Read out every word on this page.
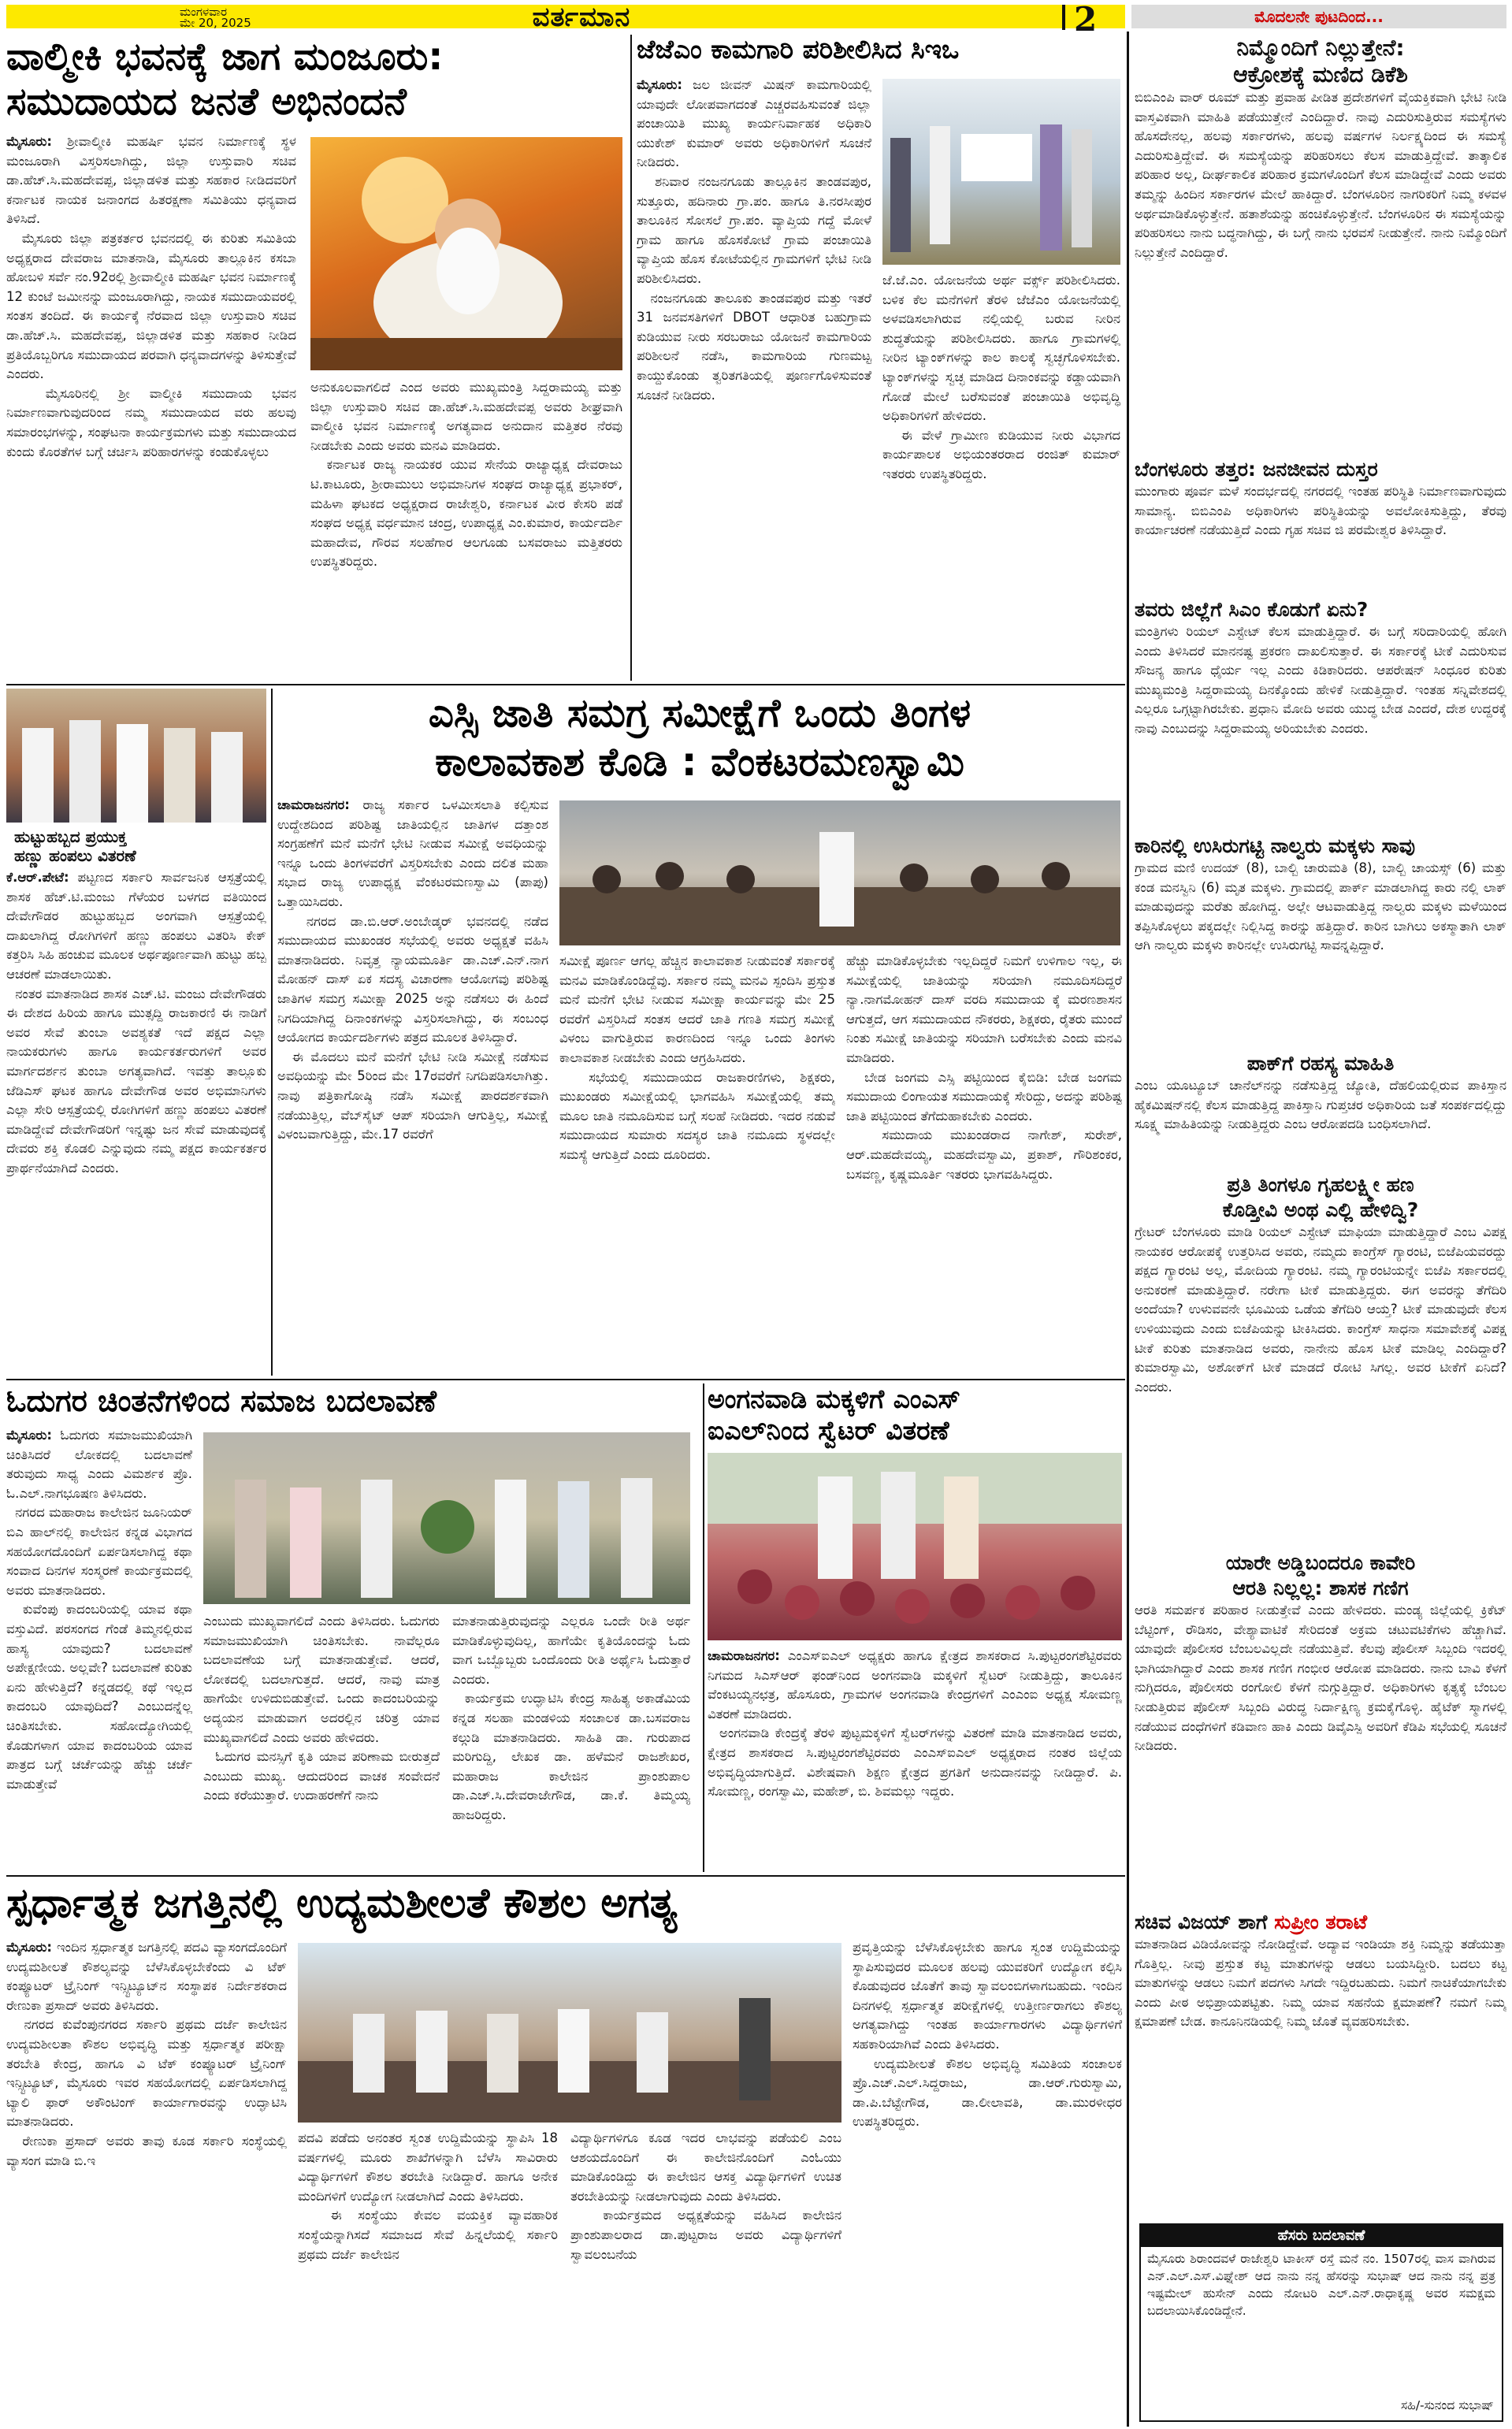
ಮಂಗಳವಾರ
ಮೇ 20, 2025	ವರ್ತಮಾನ	2	ಮೊದಲನೇ ಪುಟದಿಂದ...
ವಾಲ್ಮೀಕಿ ಭವನಕ್ಕೆ ಜಾಗ ಮಂಜೂರು:
ಸಮುದಾಯದ ಜನತೆ ಅಭಿನಂದನೆ
ಮೈಸೂರು: ಶ್ರೀವಾಲ್ಮೀಕಿ ಮಹರ್ಷಿ ಭವನ ನಿರ್ಮಾಣಕ್ಕೆ ಸ್ಥಳ ಮಂಜೂರಾಗಿ ವಿಸ್ತರಿಸಲಾಗಿದ್ದು, ಜಿಲ್ಲಾ ಉಸ್ತುವಾರಿ ಸಚಿವ ಡಾ.ಹೆಚ್.ಸಿ.ಮಹದೇವಪ್ಪ, ಜಿಲ್ಲಾಡಳಿತ ಮತ್ತು ಸಹಕಾರ ನೀಡಿದವರಿಗೆ ಕರ್ನಾಟಕ ನಾಯಕ ಜನಾಂಗದ ಹಿತರಕ್ಷಣಾ ಸಮಿತಿಯು ಧನ್ಯವಾದ ತಿಳಿಸಿದೆ.
ಮೈಸೂರು ಜಿಲ್ಲಾ ಪತ್ರಕರ್ತರ ಭವನದಲ್ಲಿ ಈ ಕುರಿತು ಸಮಿತಿಯ ಅಧ್ಯಕ್ಷರಾದ ದೇವರಾಜ ಮಾತನಾಡಿ, ಮೈಸೂರು ತಾಲ್ಲೂಕಿನ ಕಸಬಾ ಹೋಬಳಿ ಸರ್ವೆ ನಂ.92ರಲ್ಲಿ ಶ್ರೀವಾಲ್ಮೀಕಿ ಮಹರ್ಷಿ ಭವನ ನಿರ್ಮಾಣಕ್ಕೆ 12 ಕುಂಟೆ ಜಮೀನನ್ನು ಮಂಜೂರಾಗಿದ್ದು, ನಾಯಕ ಸಮುದಾಯವರಲ್ಲಿ ಸಂತಸ ತಂದಿದೆ. ಈ ಕಾರ್ಯಕ್ಕೆ ನೆರವಾದ ಜಿಲ್ಲಾ ಉಸ್ತುವಾರಿ ಸಚಿವ ಡಾ.ಹೆಚ್.ಸಿ. ಮಹದೇವಪ್ಪ, ಜಿಲ್ಲಾಡಳಿತ ಮತ್ತು ಸಹಕಾರ ನೀಡಿದ ಪ್ರತಿಯೊಬ್ಬರಿಗೂ ಸಮುದಾಯದ ಪರವಾಗಿ ಧನ್ಯವಾದಗಳನ್ನು ತಿಳಿಸುತ್ತೇವೆ ಎಂದರು.
ಮೈಸೂರಿನಲ್ಲಿ ಶ್ರೀ ವಾಲ್ಮೀಕಿ ಸಮುದಾಯ ಭವನ ನಿರ್ಮಾಣವಾಗುವುದರಿಂದ ನಮ್ಮ ಸಮುದಾಯದ ವರು ಹಲವು ಸಮಾರಂಭಗಳನ್ನು, ಸಂಘಟನಾ ಕಾರ್ಯಕ್ರಮಗಳು ಮತ್ತು ಸಮುದಾಯದ ಕುಂದು ಕೊರತೆಗಳ ಬಗ್ಗೆ ಚರ್ಚಿಸಿ ಪರಿಹಾರಗಳನ್ನು ಕಂಡುಕೊಳ್ಳಲು
ಅನುಕೂಲವಾಗಲಿದೆ ಎಂದ ಅವರು ಮುಖ್ಯಮಂತ್ರಿ ಸಿದ್ದರಾಮಯ್ಯ ಮತ್ತು ಜಿಲ್ಲಾ ಉಸ್ತುವಾರಿ ಸಚಿವ ಡಾ.ಹೆಚ್.ಸಿ.ಮಹದೇವಪ್ಪ ಅವರು ಶೀಘ್ರವಾಗಿ ವಾಲ್ಮೀಕಿ ಭವನ ನಿರ್ಮಾಣಕ್ಕೆ ಅಗತ್ಯವಾದ ಅನುದಾನ ಮತ್ತಿತರ ನೆರವು ನೀಡಬೇಕು ಎಂದು ಅವರು ಮನವಿ ಮಾಡಿದರು.
ಕರ್ನಾಟಕ ರಾಜ್ಯ ನಾಯಕರ ಯುವ ಸೇನೆಯ ರಾಜ್ಯಾಧ್ಯಕ್ಷ ದೇವರಾಜು ಟಿ.ಕಾಟೂರು, ಶ್ರೀರಾಮುಲು ಅಭಿಮಾನಿಗಳ ಸಂಘದ ರಾಜ್ಯಾಧ್ಯಕ್ಷ ಪ್ರಭಾಕರ್, ಮಹಿಳಾ ಘಟಕದ ಅಧ್ಯಕ್ಷರಾದ ರಾಜೇಶ್ವರಿ, ಕರ್ನಾಟಕ ವೀರ ಕೇಸರಿ ಪಡೆ ಸಂಘದ ಅಧ್ಯಕ್ಷ ವರ್ಧಮಾನ ಚಂದ್ರ, ಉಪಾಧ್ಯಕ್ಷ ಎಂ.ಕುಮಾರ, ಕಾರ್ಯದರ್ಶಿ ಮಹಾದೇವ, ಗೌರವ ಸಲಹೆಗಾರ ಆಲಗೂಡು ಬಸವರಾಜು ಮತ್ತಿತರರು ಉಪಸ್ಥಿತರಿದ್ದರು.
ಜೆಜೆಎಂ ಕಾಮಗಾರಿ ಪರಿಶೀಲಿಸಿದ ಸಿಇಒ
ಮೈಸೂರು: ಜಲ ಜೀವನ್ ಮಿಷನ್ ಕಾಮಗಾರಿಯಲ್ಲಿ ಯಾವುದೇ ಲೋಪವಾಗದಂತೆ ಎಚ್ಚರವಹಿಸುವಂತೆ ಜಿಲ್ಲಾ ಪಂಚಾಯಿತಿ ಮುಖ್ಯ ಕಾರ್ಯನಿರ್ವಾಹಕ ಅಧಿಕಾರಿ ಯುಕೇಶ್ ಕುಮಾರ್ ಅವರು ಅಧಿಕಾರಿಗಳಿಗೆ ಸೂಚನೆ ನೀಡಿದರು.
ಶನಿವಾರ ನಂಜನಗೂಡು ತಾಲ್ಲೂಕಿನ ತಾಂಡವಪುರ, ಸುತ್ತೂರು, ಹದಿನಾರು ಗ್ರಾ.ಪಂ. ಹಾಗೂ ತಿ.ನರಸೀಪುರ ತಾಲೂಕಿನ ಸೋಸಲೆ ಗ್ರಾ.ಪಂ. ವ್ಯಾಪ್ತಿಯ ಗದ್ದೆ ಮೋಳೆ ಗ್ರಾಮ ಹಾಗೂ ಹೊಸಕೋಟೆ ಗ್ರಾಮ ಪಂಚಾಯಿತಿ ವ್ಯಾಪ್ತಿಯ ಹೊಸ ಕೋಟೆಯಲ್ಲಿನ ಗ್ರಾಮಗಳಿಗೆ ಭೇಟಿ ನೀಡಿ ಪರಿಶೀಲಿಸಿದರು.
ನಂಜನಗೂಡು ತಾಲೂಕು ತಾಂಡವಪುರ ಮತ್ತು ಇತರೆ 31 ಜನವಸತಿಗಳಿಗೆ DBOT ಆಧಾರಿತ ಬಹುಗ್ರಾಮ ಕುಡಿಯುವ ನೀರು ಸರಬರಾಜು ಯೋಜನೆ ಕಾಮಗಾರಿಯ ಪರಿಶೀಲನೆ ನಡೆಸಿ, ಕಾಮಗಾರಿಯ ಗುಣಮಟ್ಟ ಕಾಯ್ದುಕೊಂಡು ತ್ವರಿತಗತಿಯಲ್ಲಿ ಪೂರ್ಣಗೊಳಿಸುವಂತೆ ಸೂಚನೆ ನೀಡಿದರು.
ಜೆ.ಜೆ.ಎಂ. ಯೋಜನೆಯ ಅರ್ಥ ವರ್ಕ್ಸ್ ಪರಿಶೀಲಿಸಿದರು. ಬಳಿಕ ಕೆಲ ಮನೆಗಳಿಗೆ ತೆರಳಿ ಜೆಜೆಎಂ ಯೋಜನೆಯಲ್ಲಿ ಅಳವಡಿಸಲಾಗಿರುವ ನಲ್ಲಿಯಲ್ಲಿ ಬರುವ ನೀರಿನ ಶುದ್ಧತೆಯನ್ನು ಪರಿಶೀಲಿಸಿದರು. ಹಾಗೂ ಗ್ರಾಮಗಳಲ್ಲಿ ನೀರಿನ ಟ್ಯಾಂಕ್‌ಗಳನ್ನು ಕಾಲ ಕಾಲಕ್ಕೆ ಸ್ವಚ್ಛಗೊಳಿಸಬೇಕು. ಟ್ಯಾಂಕ್‌ಗಳನ್ನು ಸ್ವಚ್ಛ ಮಾಡಿದ ದಿನಾಂಕವನ್ನು ಕಡ್ಡಾಯವಾಗಿ ಗೋಡೆ ಮೇಲೆ ಬರೆಸುವಂತೆ ಪಂಚಾಯಿತಿ ಅಭಿವೃದ್ಧಿ ಅಧಿಕಾರಿಗಳಿಗೆ ಹೇಳಿದರು.
ಈ ವೇಳೆ ಗ್ರಾಮೀಣ ಕುಡಿಯುವ ನೀರು ವಿಭಾಗದ ಕಾರ್ಯಪಾಲಕ ಅಭಿಯಂತರರಾದ ರಂಜಿತ್ ಕುಮಾರ್ ಇತರರು ಉಪಸ್ಥಿತರಿದ್ದರು.
ಹುಟ್ಟುಹಬ್ಬದ ಪ್ರಯುಕ್ತ
ಹಣ್ಣು ಹಂಪಲು ವಿತರಣೆ
ಕೆ.ಆರ್.ಪೇಟೆ: ಪಟ್ಟಣದ ಸರ್ಕಾರಿ ಸಾರ್ವಜನಿಕ ಆಸ್ಪತ್ರೆಯಲ್ಲಿ ಶಾಸಕ ಹೆಚ್.ಟಿ.ಮಂಜು ಗೆಳೆಯರ ಬಳಗದ ವತಿಯಿಂದ ದೇವೇಗೌಡರ ಹುಟ್ಟುಹಬ್ಬದ ಅಂಗವಾಗಿ ಆಸ್ಪತ್ರೆಯಲ್ಲಿ ದಾಖಲಾಗಿದ್ದ ರೋಗಿಗಳಿಗೆ ಹಣ್ಣು ಹಂಪಲು ವಿತರಿಸಿ ಕೇಕ್ ಕತ್ತರಿಸಿ ಸಿಹಿ ಹಂಚುವ ಮೂಲಕ ಅರ್ಥಪೂರ್ಣವಾಗಿ ಹುಟ್ಟು ಹಬ್ಬ ಆಚರಣೆ ಮಾಡಲಾಯಿತು.
ನಂತರ ಮಾತನಾಡಿದ ಶಾಸಕ ಎಚ್.ಟಿ. ಮಂಜು ದೇವೇಗೌಡರು ಈ ದೇಶದ ಹಿರಿಯ ಹಾಗೂ ಮುತ್ಸದ್ದಿ ರಾಜಕಾರಣಿ ಈ ನಾಡಿಗೆ ಅವರ ಸೇವೆ ತುಂಬಾ ಅವಶ್ಯಕತೆ ಇದೆ ಪಕ್ಷದ ಎಲ್ಲಾ ನಾಯಕರುಗಳು ಹಾಗೂ ಕಾರ್ಯಕರ್ತರುಗಳಿಗೆ ಅವರ ಮಾರ್ಗದರ್ಶನ ತುಂಬಾ ಅಗತ್ಯವಾಗಿದೆ. ಇವತ್ತು ತಾಲ್ಲೂಕು ಜೆಡಿಎಸ್ ಘಟಕ ಹಾಗೂ ದೇವೇಗೌಡ ಅವರ ಅಭಿಮಾನಿಗಳು ಎಲ್ಲಾ ಸೇರಿ ಆಸ್ಪತ್ರೆಯಲ್ಲಿ ರೋಗಿಗಳಿಗೆ ಹಣ್ಣು ಹಂಪಲು ವಿತರಣೆ ಮಾಡಿದ್ದೇವೆ ದೇವೇಗೌಡರಿಗೆ ಇನ್ನಷ್ಟು ಜನ ಸೇವೆ ಮಾಡುವುದಕ್ಕೆ ದೇವರು ಶಕ್ತಿ ಕೊಡಲಿ ಎನ್ನುವುದು ನಮ್ಮ ಪಕ್ಷದ ಕಾರ್ಯಕರ್ತರ ಪ್ರಾರ್ಥನೆಯಾಗಿದೆ ಎಂದರು.
ಎಸ್ಸಿ ಜಾತಿ ಸಮಗ್ರ ಸಮೀಕ್ಷೆಗೆ ಒಂದು ತಿಂಗಳ
ಕಾಲಾವಕಾಶ ಕೊಡಿ : ವೆಂಕಟರಮಣಸ್ವಾಮಿ
ಚಾಮರಾಜನಗರ: ರಾಜ್ಯ ಸರ್ಕಾರ ಒಳಮೀಸಲಾತಿ ಕಲ್ಪಿಸುವ ಉದ್ದೇಶದಿಂದ ಪರಿಶಿಷ್ಟ ಜಾತಿಯಲ್ಲಿನ ಜಾತಿಗಳ ದತ್ತಾಂಶ ಸಂಗ್ರಹಣೆಗೆ ಮನೆ ಮನೆಗೆ ಭೇಟಿ ನೀಡುವ ಸಮೀಕ್ಷೆ ಅವಧಿಯನ್ನು ಇನ್ನೂ ಒಂದು ತಿಂಗಳವರೆಗೆ ವಿಸ್ತರಿಸಬೇಕು ಎಂದು ದಲಿತ ಮಹಾ ಸಭಾದ ರಾಜ್ಯ ಉಪಾಧ್ಯಕ್ಷ ವೆಂಕಟರಮಣಸ್ವಾಮಿ (ಪಾಪು) ಒತ್ತಾಯಿಸಿದರು.
ನಗರದ ಡಾ.ಬಿ.ಆರ್.ಅಂಬೇಡ್ಕರ್ ಭವನದಲ್ಲಿ ನಡೆದ ಸಮುದಾಯದ ಮುಖಂಡರ ಸಭೆಯಲ್ಲಿ ಅವರು ಅಧ್ಯಕ್ಷತೆ ವಹಿಸಿ ಮಾತನಾಡಿದರು. ನಿವೃತ್ತ ನ್ಯಾಯಮೂರ್ತಿ ಡಾ.ಎಚ್.ಎನ್.ನಾಗ ಮೋಹನ್ ದಾಸ್ ಏಕ ಸದಸ್ಯ ವಿಚಾರಣಾ ಆಯೋಗವು ಪರಿಶಿಷ್ಟ ಜಾತಿಗಳ ಸಮಗ್ರ ಸಮೀಕ್ಷಾ 2025 ಅನ್ನು ನಡೆಸಲು ಈ ಹಿಂದೆ ನಿಗದಿಯಾಗಿದ್ದ ದಿನಾಂಕಗಳನ್ನು ವಿಸ್ತರಿಸಲಾಗಿದ್ದು, ಈ ಸಂಬಂಧ ಆಯೋಗದ ಕಾರ್ಯದರ್ಶಿಗಳು ಪತ್ರದ ಮೂಲಕ ತಿಳಿಸಿದ್ದಾರೆ.
ಈ ಮೊದಲು ಮನೆ ಮನೆಗೆ ಭೇಟಿ ನೀಡಿ ಸಮೀಕ್ಷೆ ನಡೆಸುವ ಅವಧಿಯನ್ನು ಮೇ 5ರಿಂದ ಮೇ 17ರವರೆಗೆ ನಿಗದಿಪಡಿಸಲಾಗಿತ್ತು. ನಾವು ಪತ್ರಿಕಾಗೋಷ್ಠಿ ನಡೆಸಿ ಸಮೀಕ್ಷೆ ಪಾರದರ್ಶಕವಾಗಿ ನಡೆಯುತ್ತಿಲ್ಲ, ವೆಬ್‌ಸೈಟ್ ಆಪ್ ಸರಿಯಾಗಿ ಆಗುತ್ತಿಲ್ಲ, ಸಮೀಕ್ಷೆ ವಿಳಂಬವಾಗುತ್ತಿದ್ದು, ಮೇ.17 ರವರೆಗೆ
ಸಮೀಕ್ಷೆ ಪೂರ್ಣ ಆಗಲ್ಲ ಹೆಚ್ಚಿನ ಕಾಲಾವಕಾಶ ನೀಡುವಂತೆ ಸರ್ಕಾರಕ್ಕೆ ಮನವಿ ಮಾಡಿಕೊಂಡಿದ್ದೆವು. ಸರ್ಕಾರ ನಮ್ಮ ಮನವಿ ಸ್ಪಂದಿಸಿ ಪ್ರಸ್ತುತ ಮನೆ ಮನೆಗೆ ಭೇಟಿ ನೀಡುವ ಸಮೀಕ್ಷಾ ಕಾರ್ಯವನ್ನು ಮೇ 25 ರವರೆಗೆ ವಿಸ್ತರಿಸಿದೆ ಸಂತಸ ಆದರೆ ಜಾತಿ ಗಣತಿ ಸಮಗ್ರ ಸಮೀಕ್ಷೆ ವಿಳಂಬ ವಾಗುತ್ತಿರುವ ಕಾರಣದಿಂದ ಇನ್ನೂ ಒಂದು ತಿಂಗಳು ಕಾಲಾವಕಾಶ ನೀಡಬೇಕು ಎಂದು ಆಗ್ರಹಿಸಿದರು.
ಸಭೆಯಲ್ಲಿ ಸಮುದಾಯದ ರಾಜಕಾರಣಿಗಳು, ಶಿಕ್ಷಕರು, ಮುಖಂಡರು ಸಮೀಕ್ಷೆಯಲ್ಲಿ ಭಾಗವಹಿಸಿ ಸಮೀಕ್ಷೆಯಲ್ಲಿ ತಮ್ಮ ಮೂಲ ಜಾತಿ ನಮೂದಿಸುವ ಬಗ್ಗೆ ಸಲಹೆ ನೀಡಿದರು. ಇದರ ನಡುವೆ ಸಮುದಾಯದ ಸುಮಾರು ಸದಸ್ಯರ ಜಾತಿ ನಮೂದು ಸ್ಥಳದಲ್ಲೇ ಸಮಸ್ಯೆ ಆಗುತ್ತಿದೆ ಎಂದು ದೂರಿದರು.
ಹೆಚ್ಚು ಮಾಡಿಕೊಳ್ಳಬೇಕು ಇಲ್ಲದಿದ್ದರೆ ನಿಮಗೆ ಉಳಿಗಾಲ ಇಲ್ಲ, ಈ ಸಮೀಕ್ಷೆಯಲ್ಲಿ ಜಾತಿಯನ್ನು ಸರಿಯಾಗಿ ನಮೂದಿಸದಿದ್ದರೆ ನ್ಯಾ.ನಾಗಮೋಹನ್ ದಾಸ್ ವರದಿ ಸಮುದಾಯ ಕ್ಕೆ ಮರಣಶಾಸನ ಆಗುತ್ತದೆ, ಆಗ ಸಮುದಾಯದ ನೌಕರರು, ಶಿಕ್ಷಕರು, ರೈತರು ಮುಂದೆ ನಿಂತು ಸಮೀಕ್ಷೆ ಜಾತಿಯನ್ನು ಸರಿಯಾಗಿ ಬರೆಸಬೇಕು ಎಂದು ಮನವಿ ಮಾಡಿದರು.
ಬೇಡ ಜಂಗಮ ಎಸ್ಸಿ ಪಟ್ಟಿಯಿಂದ ಕೈಬಿಡಿ: ಬೇಡ ಜಂಗಮ ಸಮುದಾಯ ಲಿಂಗಾಯತ ಸಮುದಾಯಕ್ಕೆ ಸೇರಿದ್ದು, ಅದನ್ನು ಪರಿಶಿಷ್ಟ ಜಾತಿ ಪಟ್ಟಿಯಿಂದ ತೆಗೆದುಹಾಕಬೇಕು ಎಂದರು.
ಸಮುದಾಯ ಮುಖಂಡರಾದ ನಾಗೇಶ್, ಸುರೇಶ್, ಆರ್.ಮಹದೇವಯ್ಯ, ಮಹದೇವಸ್ವಾಮಿ, ಪ್ರಕಾಶ್, ಗೌರಿಶಂಕರ, ಬಸವಣ್ಣ, ಕೃಷ್ಣಮೂರ್ತಿ ಇತರರು ಭಾಗವಹಿಸಿದ್ದರು.
ಓದುಗರ ಚಿಂತನೆಗಳಿಂದ ಸಮಾಜ ಬದಲಾವಣೆ
ಮೈಸೂರು: ಓದುಗರು ಸಮಾಜಮುಖಿಯಾಗಿ ಚಿಂತಿಸಿದರೆ ಲೋಕದಲ್ಲಿ ಬದಲಾವಣೆ ತರುವುದು ಸಾಧ್ಯ ಎಂದು ವಿಮರ್ಶಕ ಪ್ರೊ. ಓ.ಎಲ್.ನಾಗಭೂಷಣ ತಿಳಿಸಿದರು.
ನಗರದ ಮಹಾರಾಜ ಕಾಲೇಜಿನ ಜೂನಿಯರ್ ಬಿಎ ಹಾಲ್‌ನಲ್ಲಿ ಕಾಲೇಜಿನ ಕನ್ನಡ ವಿಭಾಗದ ಸಹಯೋಗದೊಂದಿಗೆ ಏರ್ಪಡಿಸಲಾಗಿದ್ದ ಕಥಾ ಸಂವಾದ ದಿನಗಳ ಸಂಸ್ಮರಣೆ ಕಾರ್ಯಕ್ರಮದಲ್ಲಿ ಅವರು ಮಾತನಾಡಿದರು.
ಕುವೆಂಪು ಕಾದಂಬರಿಯಲ್ಲಿ ಯಾವ ಕಥಾ ವಸ್ತುವಿದೆ. ಪರಸಂಗದ ಗೆಂಡೆ ತಿಮ್ಮನಲ್ಲಿರುವ ಹಾಸ್ಯ ಯಾವುದು? ಬದಲಾವಣೆ ಅಪೇಕ್ಷಣೀಯ. ಅಲ್ಲವೇ? ಬದಲಾವಣೆ ಕುರಿತು ಏನು ಹೇಳುತ್ತಿದೆ? ಕನ್ನಡದಲ್ಲಿ ಕಥೆ ಇಲ್ಲದ ಕಾದಂಬರಿ ಯಾವುದಿದೆ? ಎಂಬುದನ್ನೆಲ್ಲ ಚಿಂತಿಸಬೇಕು. ಸಹೋದ್ಯೋಗಿಯಲ್ಲಿ ಕೊಡುಗಳಾಗ ಯಾವ ಕಾದಂಬರಿಯ ಯಾವ ಪಾತ್ರದ ಬಗ್ಗೆ ಚರ್ಚೆಯನ್ನು ಹೆಚ್ಚು ಚರ್ಚೆ ಮಾಡುತ್ತೇವೆ
ಎಂಬುದು ಮುಖ್ಯವಾಗಲಿದೆ ಎಂದು ತಿಳಿಸಿದರು. ಓದುಗರು ಸಮಾಜಮುಖಿಯಾಗಿ ಚಿಂತಿಸಬೇಕು. ನಾವೆಲ್ಲರೂ ಬದಲಾವಣೆಯ ಬಗ್ಗೆ ಮಾತನಾಡುತ್ತೇವೆ. ಆದರೆ, ಲೋಕದಲ್ಲಿ ಬದಲಾಗುತ್ತದೆ. ಆದರೆ, ನಾವು ಮಾತ್ರ ಹಾಗೆಯೇ ಉಳಿದುಬಿಡುತ್ತೇವೆ. ಒಂದು ಕಾದಂಬರಿಯನ್ನು ಅದ್ಯಯನ ಮಾಡುವಾಗ ಅದರಲ್ಲಿನ ಚರಿತ್ರ ಯಾವ ಮುಖ್ಯವಾಗಲಿದೆ ಎಂದು ಅವರು ಹೇಳಿದರು.
ಓದುಗರ ಮನಸ್ಸಿಗೆ ಕೃತಿ ಯಾವ ಪರಿಣಾಮ ಬೀರುತ್ತದೆ ಎಂಬುದು ಮುಖ್ಯ. ಆದುದರಿಂದ ವಾಚಕ ಸಂವೇದನೆ ಎಂದು ಕರೆಯುತ್ತಾರೆ. ಉದಾಹರಣೆಗೆ ನಾನು
ಮಾತನಾಡುತ್ತಿರುವುದನ್ನು ಎಲ್ಲರೂ ಒಂದೇ ರೀತಿ ಅರ್ಥ ಮಾಡಿಕೊಳ್ಳುವುದಿಲ್ಲ, ಹಾಗೆಯೇ ಕೃತಿಯೊಂದನ್ನು ಓದು ವಾಗ ಒಬ್ಬೊಬ್ಬರು ಒಂದೊಂದು ರೀತಿ ಅರ್ಥೈಸಿ ಓದುತ್ತಾರೆ ಎಂದರು.
ಕಾರ್ಯಕ್ರಮ ಉದ್ಘಾಟಿಸಿ ಕೇಂದ್ರ ಸಾಹಿತ್ಯ ಅಕಾಡೆಮಿಯ ಕನ್ನಡ ಸಲಹಾ ಮಂಡಳಿಯ ಸಂಚಾಲಕ ಡಾ.ಬಸವರಾಜ ಕಲ್ಗುಡಿ ಮಾತನಾಡಿದರು. ಸಾಹಿತಿ ಡಾ. ಗುರುಪಾದ ಮರಿಗುದ್ದಿ, ಲೇಖಕ ಡಾ. ಹಳೆಮನೆ ರಾಜಶೇಖರ, ಮಹಾರಾಜ ಕಾಲೇಜಿನ ಪ್ರಾಂಶುಪಾಲ ಡಾ.ಎಚ್.ಸಿ.ದೇವರಾಜೇಗೌಡ, ಡಾ.ಕೆ. ತಿಮ್ಮಯ್ಯ ಹಾಜರಿದ್ದರು.
ಅಂಗನವಾಡಿ ಮಕ್ಕಳಿಗೆ ಎಂಎಸ್
ಐಎಲ್‌ನಿಂದ ಸ್ವೆಟರ್ ವಿತರಣೆ
ಚಾಮರಾಜನಗರ: ಎಂಎಸ್‌ಐಎಲ್ ಅಧ್ಯಕ್ಷರು ಹಾಗೂ ಕ್ಷೇತ್ರದ ಶಾಸಕರಾದ ಸಿ.ಪುಟ್ಟರಂಗಶೆಟ್ಟಿರವರು ನಿಗಮದ ಸಿಎಸ್ಆರ್ ಫಂಡ್‌ನಿಂದ ಅಂಗನವಾಡಿ ಮಕ್ಕಳಿಗೆ ಸ್ವೆಟರ್ ನೀಡುತ್ತಿದ್ದು, ತಾಲೂಕಿನ ವೆಂಕಟಯ್ಯನಛತ್ರ, ಹೊಸೂರು, ಗ್ರಾಮಗಳ ಅಂಗನವಾಡಿ ಕೇಂದ್ರಗಳಿಗೆ ಎಂಎಂಐ ಅಧ್ಯಕ್ಷ ಸೋಮಣ್ಣ ವಿತರಣೆ ಮಾಡಿದರು.
ಅಂಗನವಾಡಿ ಕೇಂದ್ರಕ್ಕೆ ತೆರಳಿ ಪುಟ್ಟಮಕ್ಕಳಿಗೆ ಸ್ವೆಟರ್‌ಗಳನ್ನು ವಿತರಣೆ ಮಾಡಿ ಮಾತನಾಡಿದ ಅವರು, ಕ್ಷೇತ್ರದ ಶಾಸಕರಾದ ಸಿ.ಪುಟ್ಟರಂಗಶೆಟ್ಟಿರವರು ಎಂಎಸ್‌ಐಎಲ್ ಅಧ್ಯಕ್ಷರಾದ ನಂತರ ಜಿಲ್ಲೆಯ ಅಭಿವೃದ್ಧಿಯಾಗುತ್ತಿದೆ. ವಿಶೇಷವಾಗಿ ಶಿಕ್ಷಣ ಕ್ಷೇತ್ರದ ಪ್ರಗತಿಗೆ ಅನುದಾನವನ್ನು ನೀಡಿದ್ದಾರೆ. ಪಿ. ಸೋಮಣ್ಣ, ರಂಗಸ್ವಾಮಿ, ಮಹೇಶ್, ಬಿ. ಶಿವಮಲ್ಲು ಇದ್ದರು.
ಸ್ಪರ್ಧಾತ್ಮಕ ಜಗತ್ತಿನಲ್ಲಿ ಉದ್ಯಮಶೀಲತೆ ಕೌಶಲ ಅಗತ್ಯ
ಮೈಸೂರು: ಇಂದಿನ ಸ್ಪರ್ಧಾತ್ಮಕ ಜಗತ್ತಿನಲ್ಲಿ ಪದವಿ ವ್ಯಾಸಂಗದೊಂದಿಗೆ ಉದ್ಯಮಶೀಲತೆ ಕೌಶಲ್ಯವನ್ನು ಬೆಳೆಸಿಕೊಳ್ಳಬೇಕೆಂದು ವಿ ಟೆಕ್ ಕಂಪ್ಯೂಟರ್ ಟ್ರೈನಿಂಗ್ ಇನ್ಸ್ಟಿಟ್ಯೂಟ್‌ನ ಸಂಸ್ಥಾಪಕ ನಿರ್ದೇಶಕರಾದ ರೇಣುಕಾ ಪ್ರಸಾದ್ ಅವರು ತಿಳಿಸಿದರು.
ನಗರದ ಕುವೆಂಪುನಗರದ ಸರ್ಕಾರಿ ಪ್ರಥಮ ದರ್ಜೆ ಕಾಲೇಜಿನ ಉದ್ಯಮಶೀಲತಾ ಕೌಶಲ ಅಭಿವೃದ್ಧಿ ಮತ್ತು ಸ್ಪರ್ಧಾತ್ಮಕ ಪರೀಕ್ಷಾ ತರಬೇತಿ ಕೇಂದ್ರ, ಹಾಗೂ ವಿ ಟೆಕ್ ಕಂಪ್ಯೂಟರ್ ಟ್ರೈನಿಂಗ್ ಇನ್ಸ್ಟಿಟ್ಯೂಟ್, ಮೈಸೂರು ಇವರ ಸಹಯೋಗದಲ್ಲಿ ಏರ್ಪಡಿಸಲಾಗಿದ್ದ ಟ್ಯಾಲಿ ಫಾರ್ ಅಕೌಂಟಿಂಗ್ ಕಾರ್ಯಾಗಾರವನ್ನು ಉದ್ಘಾಟಿಸಿ ಮಾತನಾಡಿದರು.
ರೇಣುಕಾ ಪ್ರಸಾದ್ ಅವರು ತಾವು ಕೂಡ ಸರ್ಕಾರಿ ಸಂಸ್ಥೆಯಲ್ಲಿ ವ್ಯಾಸಂಗ ಮಾಡಿ ಬಿ.ಇ
ಪದವಿ ಪಡೆದು ಅನಂತರ ಸ್ವಂತ ಉದ್ದಿಮೆಯನ್ನು ಸ್ಥಾಪಿಸಿ 18 ವರ್ಷಗಳಲ್ಲಿ ಮೂರು ಶಾಖೆಗಳನ್ನಾಗಿ ಬೆಳೆಸಿ ಸಾವಿರಾರು ವಿದ್ಯಾರ್ಥಿಗಳಿಗೆ ಕೌಶಲ ತರಬೇತಿ ನೀಡಿದ್ದಾರೆ. ಹಾಗೂ ಅನೇಕ ಮಂದಿಗಳಿಗೆ ಉದ್ಯೋಗ ನೀಡಲಾಗಿದೆ ಎಂದು ತಿಳಿಸಿದರು.
ಈ ಸಂಸ್ಥೆಯು ಕೇವಲ ವಯಕ್ತಿಕ ವ್ಯಾವಹಾರಿಕ ಸಂಸ್ಥೆಯನ್ನಾಗಿಸದೆ ಸಮಾಜದ ಸೇವೆ ಹಿನ್ನಲೆಯಲ್ಲಿ ಸರ್ಕಾರಿ ಪ್ರಥಮ ದರ್ಜೆ ಕಾಲೇಜಿನ
ವಿದ್ಯಾರ್ಥಿಗಳಿಗೂ ಕೂಡ ಇದರ ಲಾಭವನ್ನು ಪಡೆಯಲಿ ಎಂಬ ಆಶಯದೊಂದಿಗೆ ಈ ಕಾಲೇಜಿನೊಂದಿಗೆ ಎಂಓಯು ಮಾಡಿಕೊಂಡಿದ್ದು ಈ ಕಾಲೇಜಿನ ಆಸಕ್ತ ವಿದ್ಯಾರ್ಥಿಗಳಿಗೆ ಉಚಿತ ತರಬೇತಿಯನ್ನು ನೀಡಲಾಗುವುದು ಎಂದು ತಿಳಿಸಿದರು.
ಕಾರ್ಯಕ್ರಮದ ಅಧ್ಯಕ್ಷತೆಯನ್ನು ವಹಿಸಿದ ಕಾಲೇಜಿನ ಪ್ರಾಂಶುಪಾಲರಾದ ಡಾ.ಪುಟ್ಟರಾಜ ಅವರು ವಿದ್ಯಾರ್ಥಿಗಳಿಗೆ ಸ್ವಾವಲಂಬನೆಯ
ಪ್ರವೃತ್ತಿಯನ್ನು ಬೆಳೆಸಿಕೊಳ್ಳಬೇಕು ಹಾಗೂ ಸ್ವಂತ ಉದ್ದಿಮೆಯನ್ನು ಸ್ಥಾಪಿಸುವುದರ ಮೂಲಕ ಹಲವು ಯುವಕರಿಗೆ ಉದ್ಯೋಗ ಕಲ್ಪಿಸಿ ಕೊಡುವುದರ ಜೊತೆಗೆ ತಾವು ಸ್ವಾವಲಂಬಿಗಳಾಗಬಹುದು. ಇಂದಿನ ದಿನಗಳಲ್ಲಿ ಸ್ಪರ್ಧಾತ್ಮಕ ಪರೀಕ್ಷೆಗಳಲ್ಲಿ ಉತ್ತೀರ್ಣರಾಗಲು ಕೌಶಲ್ಯ ಅಗತ್ಯವಾಗಿದ್ದು ಇಂತಹ ಕಾರ್ಯಾಗಾರಗಳು ವಿದ್ಯಾರ್ಥಿಗಳಿಗೆ ಸಹಕಾರಿಯಾಗಿವೆ ಎಂದು ತಿಳಿಸಿದರು.
ಉದ್ಯಮಶೀಲತೆ ಕೌಶಲ ಅಭಿವೃದ್ಧಿ ಸಮಿತಿಯ ಸಂಚಾಲಕ ಪ್ರೊ.ಎಚ್.ಎಲ್.ಸಿದ್ದರಾಜು, ಡಾ.ಆರ್.ಗುರುಸ್ವಾಮಿ, ಡಾ.ಪಿ.ಬೆಟ್ಟೇಗೌಡ, ಡಾ.ಲೀಲಾವತಿ, ಡಾ.ಮುರಳೀಧರ ಉಪಸ್ಥಿತರಿದ್ದರು.
ನಿಮ್ಮೊಂದಿಗೆ ನಿಲ್ಲುತ್ತೇನೆ:
ಆಕ್ರೋಶಕ್ಕೆ ಮಣಿದ ಡಿಕೆಶಿ
ಬಿಬಿಎಂಪಿ ವಾರ್ ರೂಮ್ ಮತ್ತು ಪ್ರವಾಹ ಪೀಡಿತ ಪ್ರದೇಶಗಳಿಗೆ ವೈಯಕ್ತಿಕವಾಗಿ ಭೇಟಿ ನೀಡಿ ವಾಸ್ತವಿಕವಾಗಿ ಮಾಹಿತಿ ಪಡೆಯುತ್ತೇನೆ ಎಂದಿದ್ದಾರೆ. ನಾವು ಎದುರಿಸುತ್ತಿರುವ ಸಮಸ್ಯೆಗಳು ಹೊಸದೇನಲ್ಲ, ಹಲವು ಸರ್ಕಾರಗಳು, ಹಲವು ವರ್ಷಗಳ ನಿರ್ಲಕ್ಷ್ಯದಿಂದ ಈ ಸಮಸ್ಯೆ ಎದುರಿಸುತ್ತಿದ್ದೇವೆ. ಈ ಸಮಸ್ಯೆಯನ್ನು ಪರಿಹರಿಸಲು ಕೆಲಸ ಮಾಡುತ್ತಿದ್ದೇವೆ. ತಾತ್ಕಾಲಿಕ ಪರಿಹಾರ ಅಲ್ಲ, ದೀರ್ಘಕಾಲಿಕ ಪರಿಹಾರ ಕ್ರಮಗಳೊಂದಿಗೆ ಕೆಲಸ ಮಾಡಿದ್ದೇವೆ ಎಂದು ಅವರು ತಮ್ಮನ್ನು ಹಿಂದಿನ ಸರ್ಕಾರಗಳ ಮೇಲೆ ಹಾಕಿದ್ದಾರೆ. ಬೆಂಗಳೂರಿನ ನಾಗರಿಕರಿಗೆ ನಿಮ್ಮ ಕಳವಳ ಅರ್ಥಮಾಡಿಕೊಳ್ಳುತ್ತೇನೆ. ಹತಾಶೆಯನ್ನು ಹಂಚಿಕೊಳ್ಳುತ್ತೇನೆ. ಬೆಂಗಳೂರಿನ ಈ ಸಮಸ್ಯೆಯನ್ನು ಪರಿಹರಿಸಲು ನಾನು ಬದ್ಧನಾಗಿದ್ದು, ಈ ಬಗ್ಗೆ ನಾನು ಭರವಸೆ ನೀಡುತ್ತೇನೆ. ನಾನು ನಿಮ್ಮೊಂದಿಗೆ ನಿಲ್ಲುತ್ತೇನೆ ಎಂದಿದ್ದಾರೆ.
ಬೆಂಗಳೂರು ತತ್ತರ: ಜನಜೀವನ ದುಸ್ತರ
ಮುಂಗಾರು ಪೂರ್ವ ಮಳೆ ಸಂದರ್ಭದಲ್ಲಿ ನಗರದಲ್ಲಿ ಇಂತಹ ಪರಿಸ್ಥಿತಿ ನಿರ್ಮಾಣವಾಗುವುದು ಸಾಮಾನ್ಯ. ಬಿಬಿಎಂಪಿ ಅಧಿಕಾರಿಗಳು ಪರಿಸ್ಥಿತಿಯನ್ನು ಅವಲೋಕಿಸುತ್ತಿದ್ದು, ತೆರವು ಕಾರ್ಯಾಚರಣೆ ನಡೆಯುತ್ತಿದೆ ಎಂದು ಗೃಹ ಸಚಿವ ಜಿ ಪರಮೇಶ್ವರ ತಿಳಿಸಿದ್ದಾರೆ.
ತವರು ಜಿಲ್ಲೆಗೆ ಸಿಎಂ ಕೊಡುಗೆ ಏನು?
ಮಂತ್ರಿಗಳು ರಿಯಲ್ ಎಸ್ಟೇಟ್ ಕೆಲಸ ಮಾಡುತ್ತಿದ್ದಾರೆ. ಈ ಬಗ್ಗೆ ಸರಿದಾರಿಯಲ್ಲಿ ಹೋಗಿ ಎಂದು ತಿಳಿಸಿದರೆ ಮಾನನಷ್ಟ ಪ್ರಕರಣ ದಾಖಲಿಸುತ್ತಾರೆ. ಈ ಸರ್ಕಾರಕ್ಕೆ ಟೀಕೆ ಎದುರಿಸುವ ಸೌಜನ್ಯ ಹಾಗೂ ಧೈರ್ಯ ಇಲ್ಲ ಎಂದು ಕಿಡಿಕಾರಿದರು. ಆಪರೇಷನ್ ಸಿಂಧೂರ ಕುರಿತು ಮುಖ್ಯಮಂತ್ರಿ ಸಿದ್ದರಾಮಯ್ಯ ದಿನಕ್ಕೊಂದು ಹೇಳಿಕೆ ನೀಡುತ್ತಿದ್ದಾರೆ. ಇಂತಹ ಸನ್ನಿವೇಶದಲ್ಲಿ ಎಲ್ಲರೂ ಒಗ್ಗಟ್ಟಾಗಿರಬೇಕು. ಪ್ರಧಾನಿ ಮೋದಿ ಅವರು ಯುದ್ಧ ಬೇಡ ಎಂದರೆ, ದೇಶ ಉದ್ದರಕ್ಕೆ ನಾವು ಎಂಬುದನ್ನು ಸಿದ್ದರಾಮಯ್ಯ ಅರಿಯಬೇಕು ಎಂದರು.
ಕಾರಿನಲ್ಲಿ ಉಸಿರುಗಟ್ಟಿ ನಾಲ್ವರು ಮಕ್ಕಳು ಸಾವು
ಗ್ರಾಮದ ಮಣಿ ಉದಯ್ (8), ಬಾಲ್ಬಿ ಚಾರುಮತಿ (8), ಬಾಲ್ಬಿ ಚಾಯಸ್ಸ್ (6) ಮತ್ತು ಕಂಡ ಮನಸ್ವಿನಿ (6) ಮೃತ ಮಕ್ಕಳು. ಗ್ರಾಮದಲ್ಲಿ ಪಾರ್ಕ್ ಮಾಡಲಾಗಿದ್ದ ಕಾರು ನಲ್ಲಿ ಲಾಕ್ ಮಾಡುವುದನ್ನು ಮರೆತು ಹೋಗಿದ್ದ. ಅಲ್ಲೇ ಆಟವಾಡುತ್ತಿದ್ದ ನಾಲ್ವರು ಮಕ್ಕಳು ಮಳೆಯಿಂದ ತಪ್ಪಿಸಿಕೊಳ್ಳಲು ಪಕ್ಕದಲ್ಲೇ ನಿಲ್ಲಿಸಿದ್ದ ಕಾರನ್ನು ಹತ್ತಿದ್ದಾರೆ. ಕಾರಿನ ಬಾಗಿಲು ಅಕಸ್ಮಾತಾಗಿ ಲಾಕ್ ಆಗಿ ನಾಲ್ವರು ಮಕ್ಕಳು ಕಾರಿನಲ್ಲೇ ಉಸಿರುಗಟ್ಟಿ ಸಾವನ್ನಪ್ಪಿದ್ದಾರೆ.
ಪಾಕ್‌ಗೆ ರಹಸ್ಯ ಮಾಹಿತಿ
ಎಂಬ ಯೂಟ್ಯೂಬ್ ಚಾನೆಲ್‌ನನ್ನು ನಡೆಸುತ್ತಿದ್ದ ಜ್ಯೋತಿ, ದೆಹಲಿಯಲ್ಲಿರುವ ಪಾಕಿಸ್ತಾನ ಹೈಕಮಿಷನ್‌ನಲ್ಲಿ ಕೆಲಸ ಮಾಡುತ್ತಿದ್ದ ಪಾಕಿಸ್ತಾನಿ ಗುಪ್ತಚರ ಅಧಿಕಾರಿಯ ಜತೆ ಸಂಪರ್ಕದಲ್ಲಿದ್ದು ಸೂಕ್ಷ್ಮ ಮಾಹಿತಿಯನ್ನು ನೀಡುತ್ತಿದ್ದರು ಎಂಬ ಆರೋಪದಡಿ ಬಂಧಿಸಲಾಗಿದೆ.
ಪ್ರತಿ ತಿಂಗಳೂ ಗೃಹಲಕ್ಷ್ಮೀ ಹಣ
ಕೊಡ್ತೀವಿ ಅಂಥ ಎಲ್ಲಿ ಹೇಳಿದ್ವಿ?
ಗ್ರೇಟರ್ ಬೆಂಗಳೂರು ಮಾಡಿ ರಿಯಲ್ ಎಸ್ಟೇಟ್ ಮಾಫಿಯಾ ಮಾಡುತ್ತಿದ್ದಾರೆ ಎಂಬ ವಿಪಕ್ಷ ನಾಯಕರ ಆರೋಪಕ್ಕೆ ಉತ್ತರಿಸಿದ ಅವರು, ನಮ್ಮದು ಕಾಂಗ್ರೆಸ್ ಗ್ಯಾರಂಟಿ, ಬಿಜೆಪಿಯವರದ್ದು ಪಕ್ಷದ ಗ್ಯಾರಂಟಿ ಅಲ್ಲ, ಮೋದಿಯ ಗ್ಯಾರಂಟಿ. ನಮ್ಮ ಗ್ಯಾರಂಟಿಯನ್ನೇ ಬಿಜೆಪಿ ಸರ್ಕಾರದಲ್ಲಿ ಅನುಕರಣೆ ಮಾಡುತ್ತಿದ್ದಾರೆ. ನರೇಗಾ ಟೀಕೆ ಮಾಡುತ್ತಿದ್ದರು. ಈಗ ಅವರನ್ನು ತೆಗೆದಿರಿ ಅಂದೆಯಾ? ಉಳುವವನೇ ಭೂಮಿಯ ಒಡೆಯ ತೆಗೆದಿರಿ ಆಯ್ತ? ಟೀಕೆ ಮಾಡುವುದೇ ಕೆಲಸ ಉಳಿಯುವುದು ಎಂದು ಬಿಜೆಪಿಯನ್ನು ಟೀಕಿಸಿದರು. ಕಾಂಗ್ರೆಸ್ ಸಾಧನಾ ಸಮಾವೇಶಕ್ಕೆ ವಿಪಕ್ಷ ಟೀಕೆ ಕುರಿತು ಮಾತನಾಡಿದ ಅವರು, ನಾನೇನು ಹೊಸ ಟೀಕೆ ಮಾಡಿಲ್ಲ ಎಂದಿದ್ದಾರೆ? ಕುಮಾರಸ್ವಾಮಿ, ಅಶೋಕ್‌ಗೆ ಟೀಕೆ ಮಾಡದೆ ರೋಟಿ ಸಿಗಲ್ಲ. ಅವರ ಟೀಕೆಗೆ ಏನಿದೆ? ಎಂದರು.
ಯಾರೇ ಅಡ್ಡಿಬಂದರೂ ಕಾವೇರಿ
ಆರತಿ ನಿಲ್ಲಲ್ಲ: ಶಾಸಕ ಗಣಿಗ
ಆರತಿ ಸಮರ್ಪಕ ಪರಿಹಾರ ನೀಡುತ್ತೇವೆ ಎಂದು ಹೇಳಿದರು. ಮಂಡ್ಯ ಜಿಲ್ಲೆಯಲ್ಲಿ ಕ್ರಿಕೆಟ್ ಬೆಟ್ಟಿಂಗ್, ರೌಡಿಸಂ, ವೇಶ್ಯಾವಾಟಿಕೆ ಸೇರಿದಂತೆ ಅಕ್ರಮ ಚಟುವಟಿಕೆಗಳು ಹೆಚ್ಚಾಗಿವೆ. ಯಾವುದೇ ಪೊಲೀಸರ ಬೆಂಬಲವಿಲ್ಲದೇ ನಡೆಯುತ್ತಿವೆ. ಕೆಲವು ಪೊಲೀಸ್ ಸಿಬ್ಬಂದಿ ಇದರಲ್ಲಿ ಭಾಗಿಯಾಗಿದ್ದಾರೆ ಎಂದು ಶಾಸಕ ಗಣಿಗ ಗಂಭೀರ ಆರೋಪ ಮಾಡಿದರು. ನಾನು ಬಾವಿ ಕೆಳಗೆ ನುಗ್ಗಿದರೂ, ಪೊಲೀಸರು ರಂಗೋಲಿ ಕೆಳಗೆ ನುಗ್ಗುತ್ತಿದ್ದಾರೆ. ಅಧಿಕಾರಿಗಳು ಕೃತ್ಯಕ್ಕೆ ಬೆಂಬಲ ನೀಡುತ್ತಿರುವ ಪೊಲೀಸ್ ಸಿಬ್ಬಂದಿ ವಿರುದ್ಧ ನಿರ್ದಾಕ್ಷಿಣ್ಯ ಕ್ರಮಕೈಗೊಳ್ಳಿ. ಹೈಟೆಕ್ ಸ್ಮಾಗಳಲ್ಲಿ ನಡೆಯುವ ದಂಧೆಗಳಿಗೆ ಕಡಿವಾಣ ಹಾಕಿ ಎಂದು ಡಿವೈಎಸ್ಪಿ ಅವರಿಗೆ ಕೆಡಿಪಿ ಸಭೆಯಲ್ಲಿ ಸೂಚನೆ ನೀಡಿದರು.
ಸಚಿವ ವಿಜಯ್ ಶಾಗೆ ಸುಪ್ರೀಂ ತರಾಟೆ
ಮಾತನಾಡಿದ ವಿಡಿಯೋವನ್ನು ನೋಡಿದ್ದೇವೆ. ಅದ್ಯಾವ ಇಂಡಿಯಾ ಶಕ್ತಿ ನಿಮ್ಮನ್ನು ತಡೆಯುತ್ತಾ ಗೊತ್ತಿಲ್ಲ. ನೀವು ಪ್ರಸ್ತುತ ಕಟ್ಟ ಮಾತುಗಳನ್ನು ಆಡಲು ಬಯಸಿದ್ದೀರಿ. ಬದಲು ಕಟ್ಟ ಮಾತುಗಳನ್ನು ಆಡಲು ನಿಮಗೆ ಪದಗಳು ಸಿಗದೇ ಇದ್ದಿರಬಹುದು. ನಿಮಗೆ ನಾಚಿಕೆಯಾಗಬೇಕು ಎಂದು ಪೀಠ ಅಭಿಪ್ರಾಯಪಟ್ಟಿತು. ನಿಮ್ಮ ಯಾವ ಸಹನೆಯ ಕ್ಷಮಾಪಣೆ? ನಮಗೆ ನಿಮ್ಮ ಕ್ಷಮಾಪಣೆ ಬೇಡ. ಕಾನೂನಿನಡಿಯಲ್ಲಿ ನಿಮ್ಮ ಜೊತೆ ವ್ಯವಹರಿಸಬೇಕು.
ಹೆಸರು ಬದಲಾವಣೆ
ಮೈಸೂರು ಶಿರಾಂದವಳೆ ರಾಜೇಶ್ವರಿ ಟಾಕೀಸ್ ರಸ್ತೆ ಮನೆ ನಂ. 1507ರಲ್ಲಿ ವಾಸ ವಾಗಿರುವ ಎನ್.ಎಲ್.ಎಸ್.ವಿಘ್ನೇಶ್ ಆದ ನಾನು ನನ್ನ ಹೆಸರನ್ನು ಸುಭಾಷ್ ಆದ ನಾನು ನನ್ನ ಪ್ರತ್ರ ಇಷ್ಟಮೇಲ್ ಹುಸೇನ್ ಎಂದು ನೋಟರಿ ಎಲ್.ಎನ್.ರಾಧಾಕೃಷ್ಣ ಅವರ ಸಮಕ್ಷಮ ಬದಲಾಯಿಸಿಕೊಂಡಿದ್ದೇನೆ.
ಸಹಿ/-ಸುನಂದ ಸುಭಾಷ್
